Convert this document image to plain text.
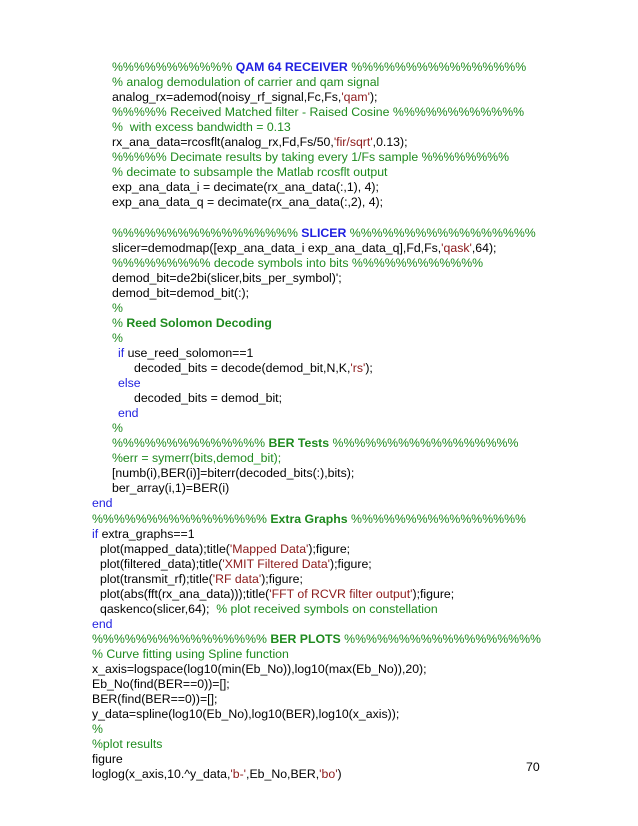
%%%%%%%%%%% QAM 64 RECEIVER %%%%%%%%%%%%%%%%
% analog demodulation of carrier and qam signal
analog_rx=ademod(noisy_rf_signal,Fc,Fs,'qam');
%%%%% Received Matched filter - Raised Cosine %%%%%%%%%%%%
%  with excess bandwidth = 0.13
rx_ana_data=rcosflt(analog_rx,Fd,Fs/50,'fir/sqrt',0.13);
%%%%% Decimate results by taking every 1/Fs sample %%%%%%%%
% decimate to subsample the Matlab rcosflt output
exp_ana_data_i = decimate(rx_ana_data(:,1), 4);
exp_ana_data_q = decimate(rx_ana_data(:,2), 4);
%%%%%%%%%%%%%%%%% SLICER %%%%%%%%%%%%%%%%%
slicer=demodmap([exp_ana_data_i exp_ana_data_q],Fd,Fs,'qask',64);
%%%%%%%%% decode symbols into bits %%%%%%%%%%%%
demod_bit=de2bi(slicer,bits_per_symbol)';
demod_bit=demod_bit(:);
%
% Reed Solomon Decoding
%
if use_reed_solomon==1
decoded_bits = decode(demod_bit,N,K,'rs');
else
decoded_bits = demod_bit;
end
%
%%%%%%%%%%%%%% BER Tests %%%%%%%%%%%%%%%%%
%err = symerr(bits,demod_bit);
[numb(i),BER(i)]=biterr(decoded_bits(:),bits);
ber_array(i,1)=BER(i)
end
%%%%%%%%%%%%%%%% Extra Graphs %%%%%%%%%%%%%%%%
if extra_graphs==1
plot(mapped_data);title('Mapped Data');figure;
plot(filtered_data);title('XMIT Filtered Data');figure;
plot(transmit_rf);title('RF data');figure;
plot(abs(fft(rx_ana_data)));title('FFT of RCVR filter output');figure;
qaskenco(slicer,64);  % plot received symbols on constellation
end
%%%%%%%%%%%%%%%% BER PLOTS %%%%%%%%%%%%%%%%%%
% Curve fitting using Spline function
x_axis=logspace(log10(min(Eb_No)),log10(max(Eb_No)),20);
Eb_No(find(BER==0))=[];
BER(find(BER==0))=[];
y_data=spline(log10(Eb_No),log10(BER),log10(x_axis));
%
%plot results
figure
loglog(x_axis,10.^y_data,'b-',Eb_No,BER,'bo')
70
